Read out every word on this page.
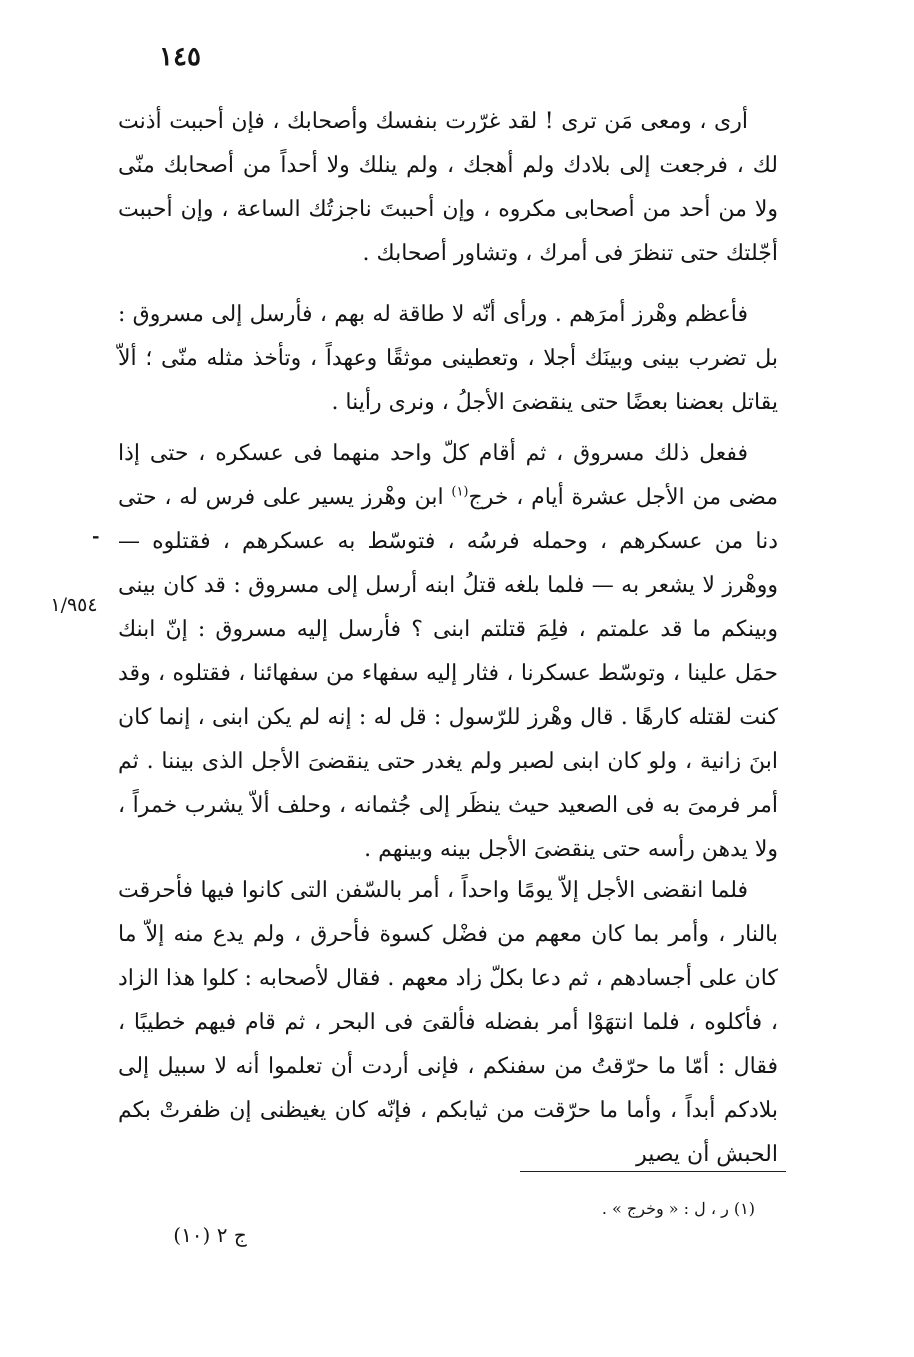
١٤٥

أرى ، ومعى مَن ترى ! لقد غرّرت بنفسك وأصحابك ، فإن أحببت أذنت لك ، فرجعت إلى بلادك ولم أهجك ، ولم ينلك ولا أحداً من أصحابك منّى ولا من أحد من أصحابى مكروه ، وإن أحببتَ ناجزتُك الساعة ، وإن أحببت أجّلتك حتى تنظرَ فى أمرك ، وتشاور أصحابك .

فأعظم وهْرز أمرَهم . ورأى أنّه لا طاقة له بهم ، فأرسل إلى مسروق : بل تضرب بينى وبينَك أجلا ، وتعطينى موثقًا وعهداً ، وتأخذ مثله منّى ؛ ألاّ يقاتل بعضنا بعضًا حتى ينقضىَ الأجلُ ، ونرى رأينا .

ففعل ذلك مسروق ، ثم أقام كلّ واحد منهما فى عسكره ، حتى إذا مضى من الأجل عشرة أيام ، خرج$^{(١)}$ ابن وهْرز يسير على فرس له ، حتى دنا من عسكرهم ، وحمله فرسُه ، فتوسّط به عسكرهم ، فقتلوه — ووهْرز لا يشعر به — فلما بلغه قتلُ ابنه أرسل إلى مسروق : قد كان بينى وبينكم ما قد علمتم ، فلِمَ قتلتم ابنى ؟ فأرسل إليه مسروق : إنّ ابنك حمَل علينا ، وتوسّط عسكرنا ، فثار إليه سفهاء من سفهائنا ، فقتلوه ، وقد كنت لقتله كارهًا . قال وهْرز للرّسول : قل له : إنه لم يكن ابنى ، إنما كان ابنَ زانية ، ولو كان ابنى لصبر ولم يغدر حتى ينقضىَ الأجل الذى بيننا . ثم أمر فرمىَ به فى الصعيد حيث ينظَر إلى جُثمانه ، وحلف ألاّ يشرب خمراً ، ولا يدهن رأسه حتى ينقضىَ الأجل بينه وبينهم .

-
١/٩٥٤

فلما انقضى الأجل إلاّ يومًا واحداً ، أمر بالسّفن التى كانوا فيها فأحرقت بالنار ، وأمر بما كان معهم من فضْل كسوة فأحرق ، ولم يدع منه إلاّ ما كان على أجسادهم ، ثم دعا بكلّ زاد معهم . فقال لأصحابه : كلوا هذا الزاد ، فأكلوه ، فلما انتهَوْا أمر بفضله فألقىَ فى البحر ، ثم قام فيهم خطيبًا ، فقال : أمّا ما حرّقتُ من سفنكم ، فإنى أردت أن تعلموا أنه لا سبيل إلى بلادكم أبداً ، وأما ما حرّقت من ثيابكم ، فإنّه كان يغيظنى إن ظفرتْ بكم الحبش أن يصير

(١) ر ، ل : « وخرج » .
ج ٢ (١٠)
